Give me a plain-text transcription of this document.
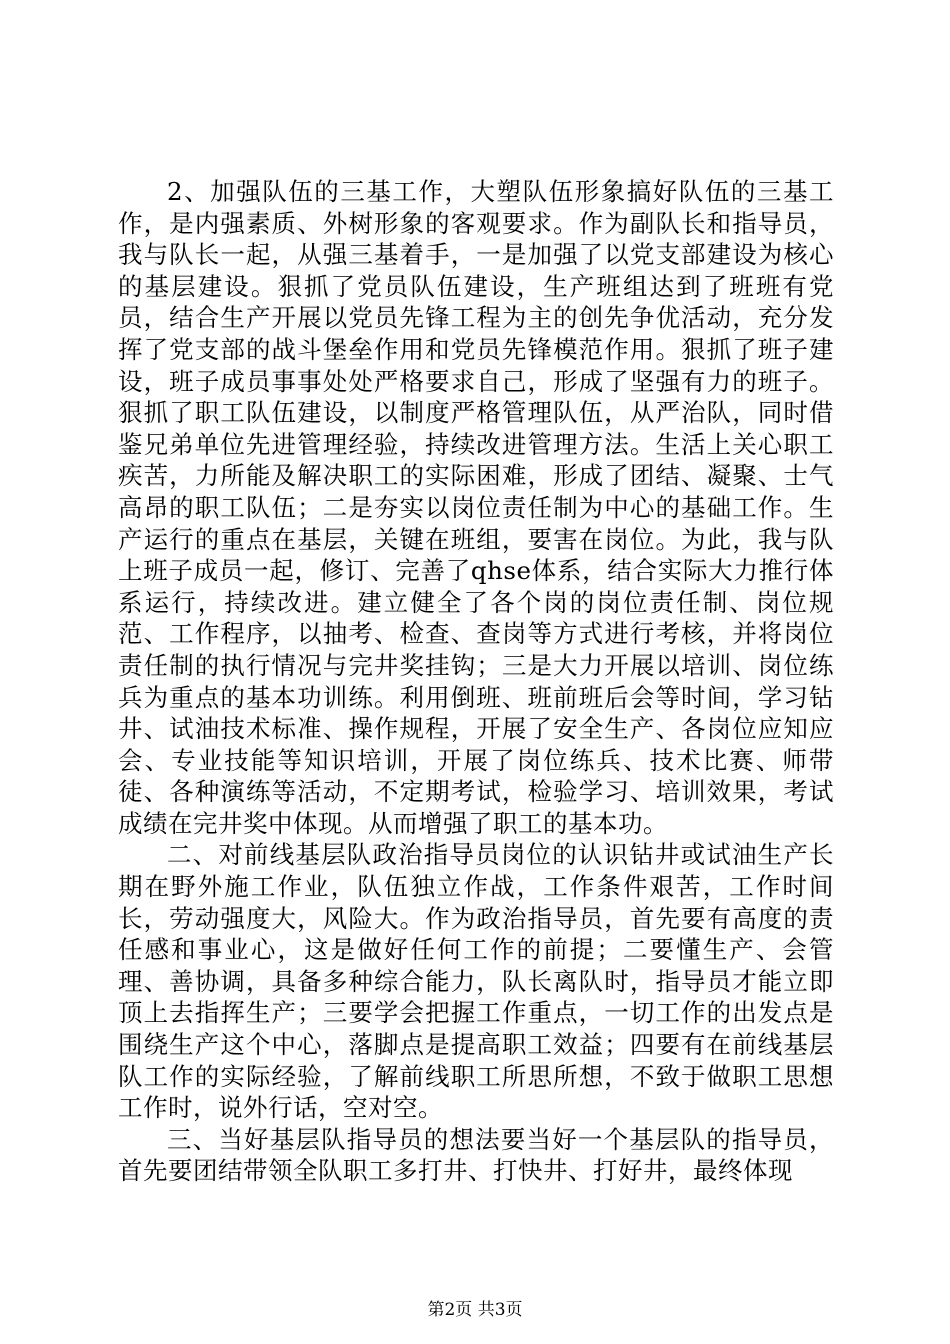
2、加强队伍的三基工作，大塑队伍形象搞好队伍的三基工作，是内强素质、外树形象的客观要求。作为副队长和指导员，我与队长一起，从强三基着手，一是加强了以党支部建设为核心的基层建设。狠抓了党员队伍建设，生产班组达到了班班有党员，结合生产开展以党员先锋工程为主的创先争优活动，充分发挥了党支部的战斗堡垒作用和党员先锋模范作用。狠抓了班子建设，班子成员事事处处严格要求自己，形成了坚强有力的班子。狠抓了职工队伍建设，以制度严格管理队伍，从严治队，同时借鉴兄弟单位先进管理经验，持续改进管理方法。生活上关心职工疾苦，力所能及解决职工的实际困难，形成了团结、凝聚、士气高昂的职工队伍；二是夯实以岗位责任制为中心的基础工作。生产运行的重点在基层，关键在班组，要害在岗位。为此，我与队上班子成员一起，修订、完善了qhse体系，结合实际大力推行体系运行，持续改进。建立健全了各个岗的岗位责任制、岗位规范、工作程序，以抽考、检查、查岗等方式进行考核，并将岗位责任制的执行情况与完井奖挂钩；三是大力开展以培训、岗位练兵为重点的基本功训练。利用倒班、班前班后会等时间，学习钻井、试油技术标准、操作规程，开展了安全生产、各岗位应知应会、专业技能等知识培训，开展了岗位练兵、技术比赛、师带徒、各种演练等活动，不定期考试，检验学习、培训效果，考试成绩在完井奖中体现。从而增强了职工的基本功。

二、对前线基层队政治指导员岗位的认识钻井或试油生产长期在野外施工作业，队伍独立作战，工作条件艰苦，工作时间长，劳动强度大，风险大。作为政治指导员，首先要有高度的责任感和事业心，这是做好任何工作的前提；二要懂生产、会管理、善协调，具备多种综合能力，队长离队时，指导员才能立即顶上去指挥生产；三要学会把握工作重点，一切工作的出发点是围绕生产这个中心，落脚点是提高职工效益；四要有在前线基层队工作的实际经验，了解前线职工所思所想，不致于做职工思想工作时，说外行话，空对空。

三、当好基层队指导员的想法要当好一个基层队的指导员，首先要团结带领全队职工多打井、打快井、打好井，最终体现

第2页 共3页
